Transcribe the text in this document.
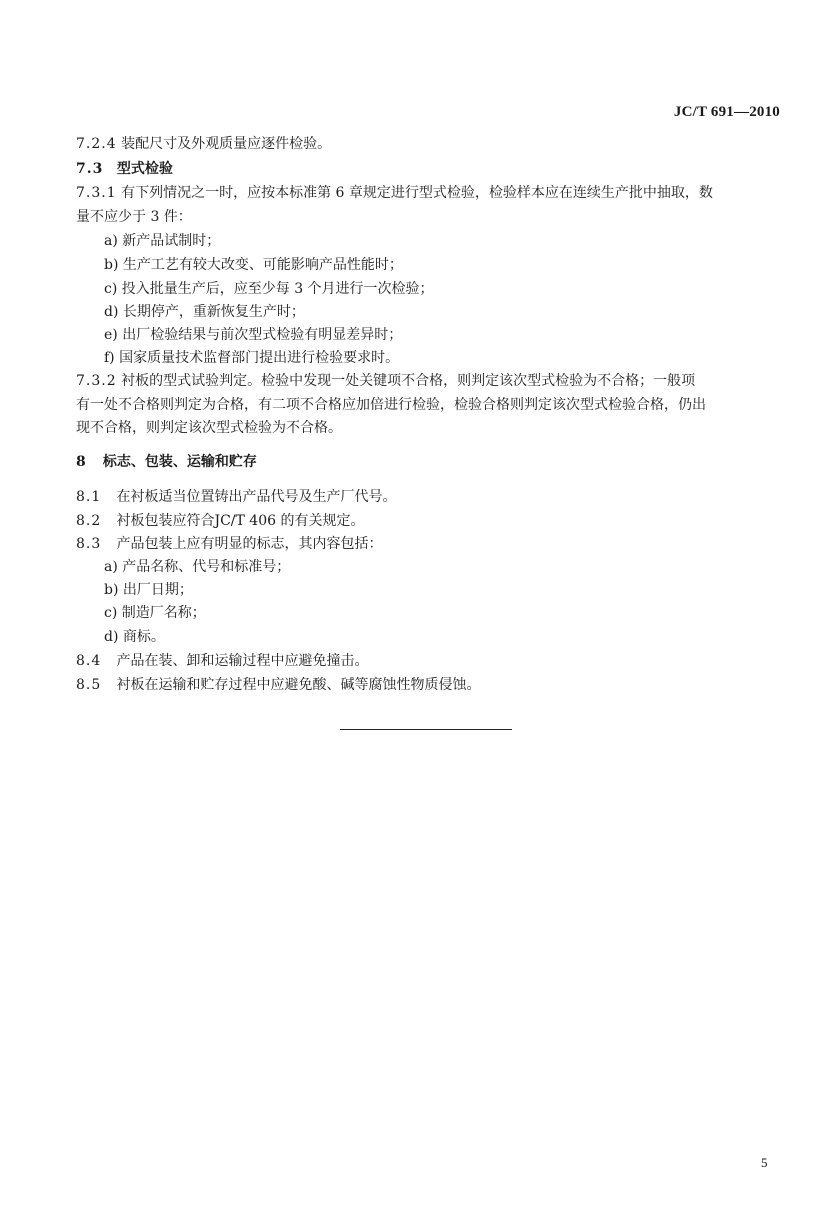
JC/T 691—2010
7.2.4 装配尺寸及外观质量应逐件检验。
7.3 型式检验
7.3.1 有下列情况之一时，应按本标准第 6 章规定进行型式检验，检验样本应在连续生产批中抽取，数
量不应少于 3 件：
a) 新产品试制时；
b) 生产工艺有较大改变、可能影响产品性能时；
c) 投入批量生产后，应至少每 3 个月进行一次检验；
d) 长期停产，重新恢复生产时；
e) 出厂检验结果与前次型式检验有明显差异时；
f) 国家质量技术监督部门提出进行检验要求时。
7.3.2 衬板的型式试验判定。检验中发现一处关键项不合格，则判定该次型式检验为不合格；一般项
有一处不合格则判定为合格，有二项不合格应加倍进行检验，检验合格则判定该次型式检验合格，仍出
现不合格，则判定该次型式检验为不合格。
8 标志、包装、运输和贮存
8.1 在衬板适当位置铸出产品代号及生产厂代号。
8.2 衬板包装应符合JC/T 406 的有关规定。
8.3 产品包装上应有明显的标志，其内容包括：
a) 产品名称、代号和标准号；
b) 出厂日期；
c) 制造厂名称；
d) 商标。
8.4 产品在装、卸和运输过程中应避免撞击。
8.5 衬板在运输和贮存过程中应避免酸、碱等腐蚀性物质侵蚀。
5
